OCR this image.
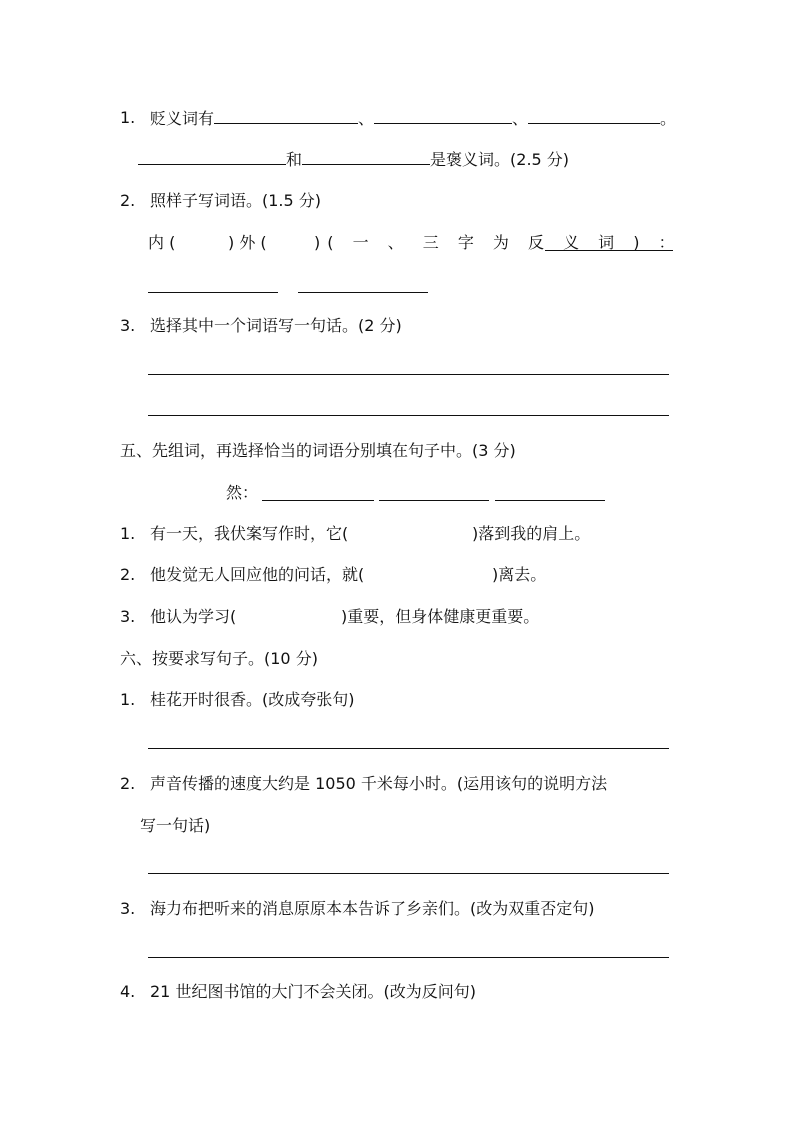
1. 贬义词有	、	、	。
和	是褒义词。(2.5 分)
2. 照样子写词语。(1.5 分)
内 (	) 外 (	)( 一 、 三 字 为 反 义 词 ) ：
3. 选择其中一个词语写一句话。(2 分)
五、先组词，再选择恰当的词语分别填在句子中。(3 分)
然：
1. 有一天，我伏案写作时，它(	)落到我的肩上。
2. 他发觉无人回应他的问话，就(	)离去。
3. 他认为学习(	)重要，但身体健康更重要。
六、按要求写句子。(10 分)
1. 桂花开时很香。(改成夸张句)
2. 声音传播的速度大约是 1050 千米每小时。(运用该句的说明方法
写一句话)
3. 海力布把听来的消息原原本本告诉了乡亲们。(改为双重否定句)
4. 21 世纪图书馆的大门不会关闭。(改为反问句)
